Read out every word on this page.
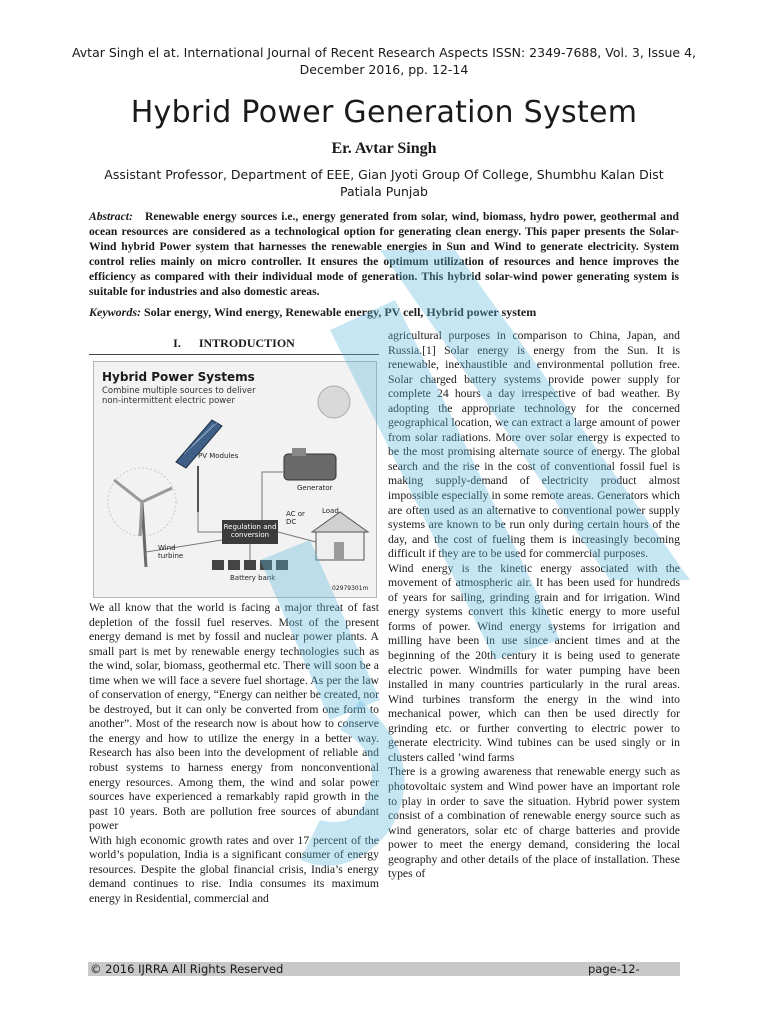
Avtar Singh el at. International Journal of Recent Research Aspects ISSN: 2349-7688, Vol. 3, Issue 4,
December 2016, pp. 12-14
Hybrid Power Generation System
Er. Avtar Singh
Assistant Professor, Department of EEE, Gian Jyoti Group Of College, Shumbhu Kalan Dist
Patiala Punjab
Abstract: Renewable energy sources i.e., energy generated from solar, wind, biomass, hydro power, geothermal and ocean resources are considered as a technological option for generating clean energy. This paper presents the Solar-Wind hybrid Power system that harnesses the renewable energies in Sun and Wind to generate electricity. System control relies mainly on micro controller. It ensures the optimum utilization of resources and hence improves the efficiency as compared with their individual mode of generation. This hybrid solar-wind power generating system is suitable for industries and also domestic areas.
Keywords: Solar energy, Wind energy, Renewable energy, PV cell, Hybrid power system
I.      INTRODUCTION
Hybrid Power Systems
Combine multiple sources to deliver non-intermittent electric power
PV Modules
Generator
AC or DC
Load
Regulation and conversion
Wind turbine
Battery bank
02979301m

We all know that the world is facing a major threat of fast depletion of the fossil fuel reserves. Most of the present energy demand is met by fossil and nuclear power plants. A small part is met by renewable energy technologies such as the wind, solar, biomass, geothermal etc. There will soon be a time when we will face a severe fuel shortage. As per the law of conservation of energy, “Energy can neither be created, nor be destroyed, but it can only be converted from one form to another”. Most of the research now is about how to conserve the energy and how to utilize the energy in a better way. Research has also been into the development of reliable and robust systems to harness energy from nonconventional energy resources. Among them, the wind and solar power sources have experienced a remarkably rapid growth in the past 10 years. Both are pollution free sources of abundant power

With high economic growth rates and over 17 percent of the world’s population, India is a significant consumer of energy resources. Despite the global financial crisis, India’s energy demand continues to rise. India consumes its maximum energy in Residential, commercial and

agricultural purposes in comparison to China, Japan, and Russia.[1] Solar energy is energy from the Sun. It is renewable, inexhaustible and environmental pollution free. Solar charged battery systems provide power supply for complete 24 hours a day irrespective of bad weather. By adopting the appropriate technology for the concerned geographical location, we can extract a large amount of power from solar radiations. More over solar energy is expected to be the most promising alternate source of energy. The global search and the rise in the cost of conventional fossil fuel is making supply-demand of electricity product almost impossible especially in some remote areas. Generators which are often used as an alternative to conventional power supply systems are known to be run only during certain hours of the day, and the cost of fueling them is increasingly becoming difficult if they are to be used for commercial purposes.

Wind energy is the kinetic energy associated with the movement of atmospheric air. It has been used for hundreds of years for sailing, grinding grain and for irrigation. Wind energy systems convert this kinetic energy to more useful forms of power. Wind energy systems for irrigation and milling have been in use since ancient times and at the beginning of the 20th century it is being used to generate electric power. Windmills for water pumping have been installed in many countries particularly in the rural areas. Wind turbines transform the energy in the wind into mechanical power, which can then be used directly for grinding etc. or further converting to electric power to generate electricity. Wind tubines can be used singly or in clusters called ’wind farms

There is a growing awareness that renewable energy such as photovoltaic system and Wind power have an important role to play in order to save the situation. Hybrid power system consist of a combination of renewable energy source such as wind generators, solar etc of charge batteries and provide power to meet the energy demand, considering the local geography and other details of the place of installation. These types of

© 2016 IJRRA All Rights Reserved	page-12-
